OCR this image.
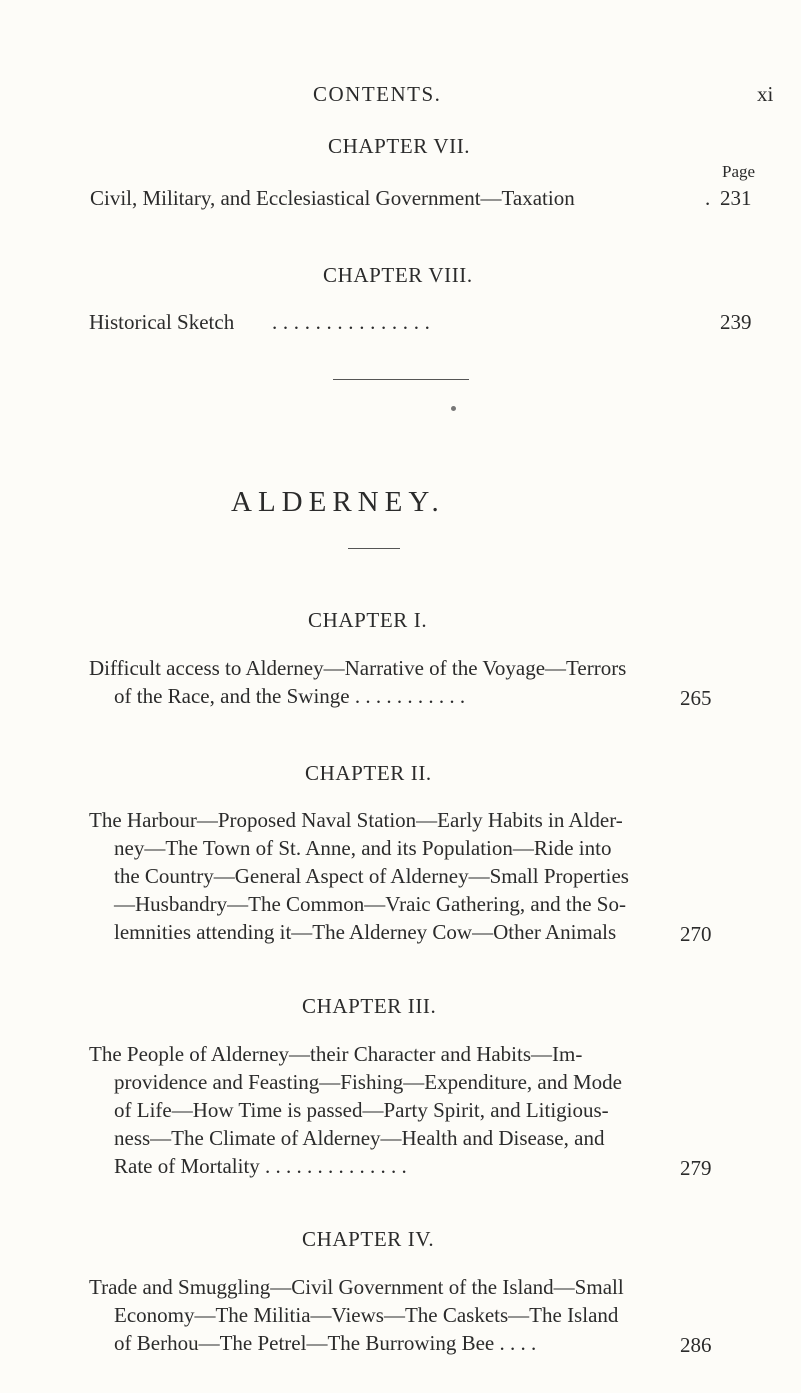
CONTENTS.	xi
CHAPTER VII.
Page
Civil, Military, and Ecclesiastical Government—Taxation	. 231
CHAPTER VIII.
Historical Sketch . . . . . . . . . . . . . . .	239
ALDERNEY.
CHAPTER I.
Difficult access to Alderney—Narrative of the Voyage—Terrors
of the Race, and the Swinge . . . . . . . . . . .	265
CHAPTER II.
The Harbour—Proposed Naval Station—Early Habits in Alder-
ney—The Town of St. Anne, and its Population—Ride into
the Country—General Aspect of Alderney—Small Properties
—Husbandry—The Common—Vraic Gathering, and the So-
lemnities attending it—The Alderney Cow—Other Animals	270
CHAPTER III.
The People of Alderney—their Character and Habits—Im-
providence and Feasting—Fishing—Expenditure, and Mode
of Life—How Time is passed—Party Spirit, and Litigious-
ness—The Climate of Alderney—Health and Disease, and
Rate of Mortality . . . . . . . . . . . . . .	279
CHAPTER IV.
Trade and Smuggling—Civil Government of the Island—Small
Economy—The Militia—Views—The Caskets—The Island
of Berhou—The Petrel—The Burrowing Bee . . . .	286
